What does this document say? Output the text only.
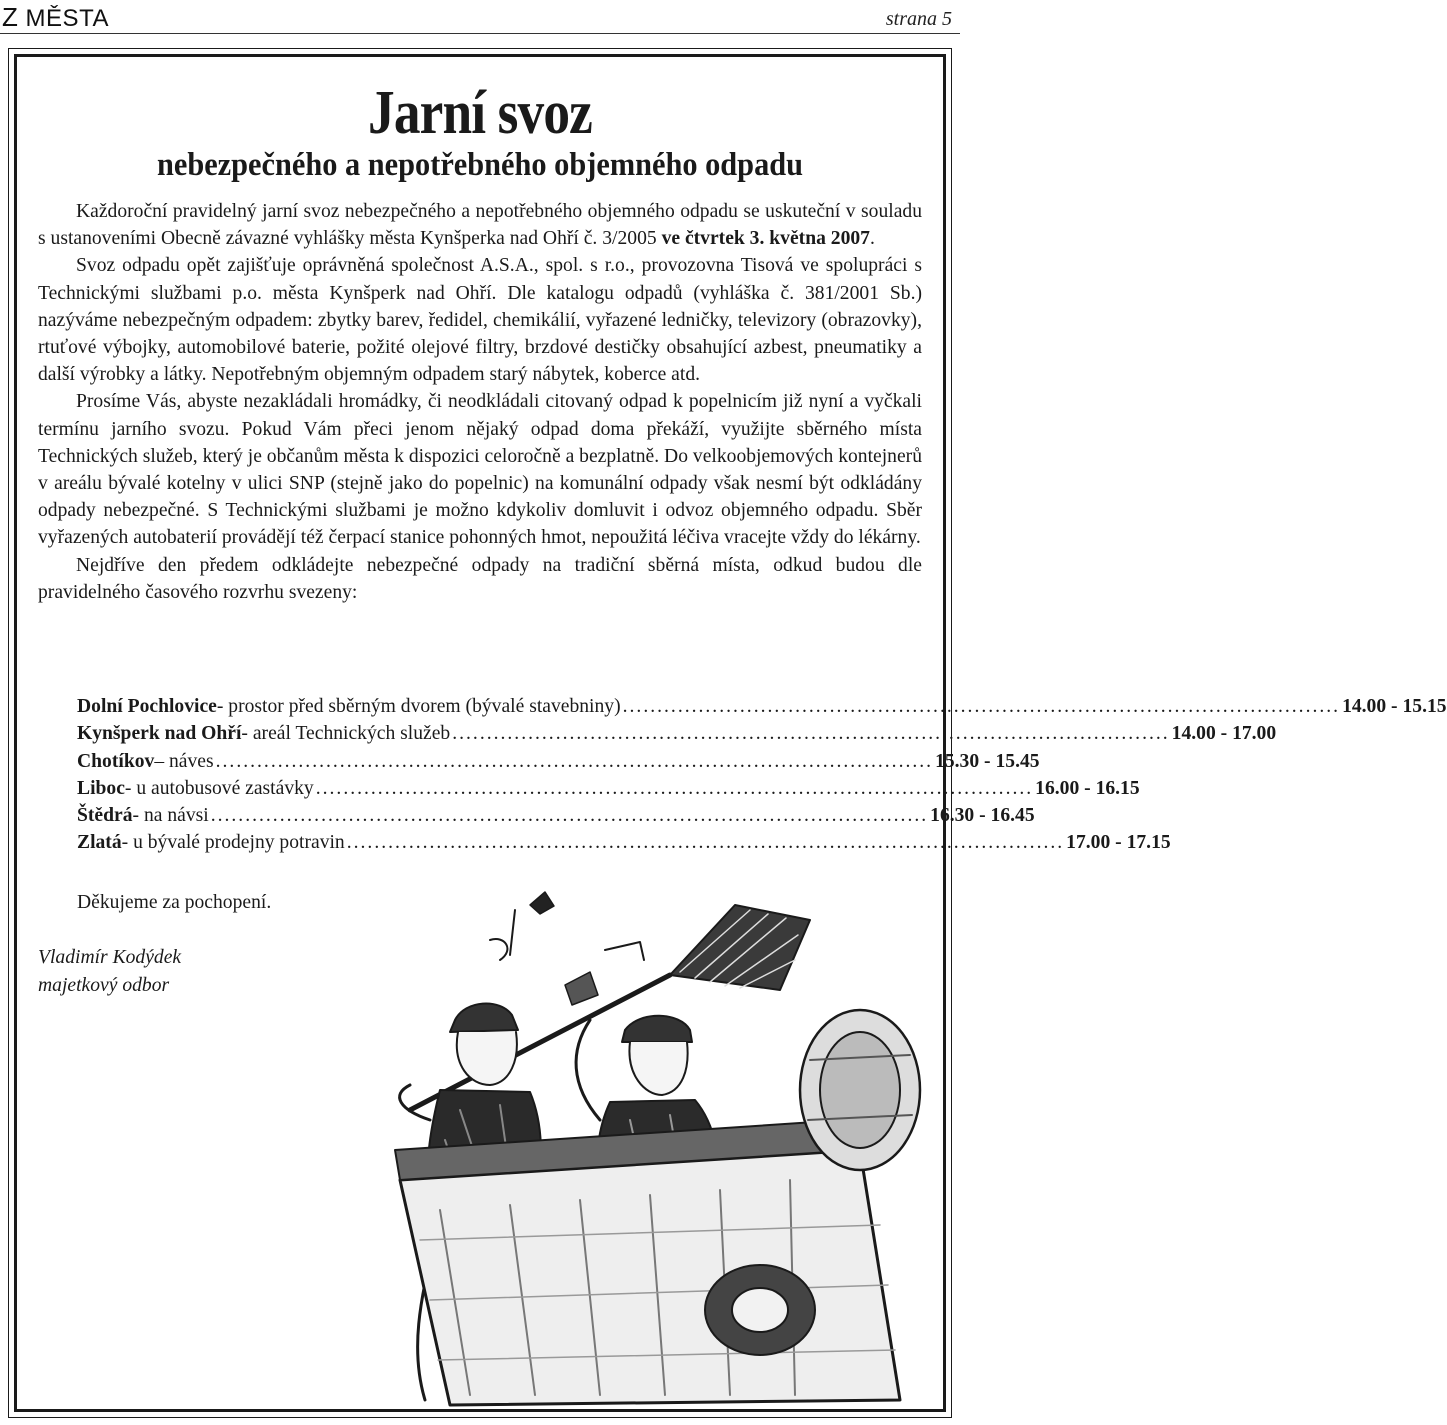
Z MĚSTA	strana 5
Jarní svoz
nebezpečného a nepotřebného objemného odpadu

Každoroční pravidelný jarní svoz nebezpečného a nepotřebného objemného odpadu se uskuteční v souladu s ustanoveními Obecně závazné vyhlášky města Kynšperka nad Ohří č. 3/2005 ve čtvrtek 3. května 2007.

Svoz odpadu opět zajišťuje oprávněná společnost A.S.A., spol. s r.o., provozovna Tisová ve spolupráci s Technickými službami p.o. města Kynšperk nad Ohří. Dle katalogu odpadů (vyhláška č. 381/2001 Sb.) nazýváme nebezpečným odpadem: zbytky barev, ředidel, chemikálií, vyřazené ledničky, televizory (obrazovky), rtuťové výbojky, automobilové baterie, požité olejové filtry, brzdové destičky obsahující azbest, pneumatiky a další výrobky a látky. Nepotřebným objemným odpadem starý nábytek, koberce atd.

Prosíme Vás, abyste nezakládali hromádky, či neodkládali citovaný odpad k popelnicím již nyní a vyčkali termínu jarního svozu. Pokud Vám přeci jenom nějaký odpad doma překáží, využijte sběrného místa Technických služeb, který je občanům města k dispozici celoročně a bezplatně. Do velkoobjemových kontejnerů v areálu bývalé kotelny v ulici SNP (stejně jako do popelnic) na komunální odpady však nesmí být odkládány odpady nebezpečné. S Technickými službami je možno kdykoliv domluvit i odvoz objemného odpadu. Sběr vyřazených autobaterií provádějí též čerpací stanice pohonných hmot, nepoužitá léčiva vracejte vždy do lékárny.

Nejdříve den předem odkládejte nebezpečné odpady na tradiční sběrná místa, odkud budou dle pravidelného časového rozvrhu svezeny:

Dolní Pochlovice - prostor před sběrným dvorem (bývalé stavebniny) ........................................................................................................ 14.00 - 15.15
Kynšperk nad Ohří - areál Technických služeb ........................................................................................................ 14.00 - 17.00
Chotíkov – náves ........................................................................................................ 15.30 - 15.45
Liboc - u autobusové zastávky ........................................................................................................ 16.00 - 16.15
Štědrá - na návsi ........................................................................................................ 16.30 - 16.45
Zlatá - u bývalé prodejny potravin ........................................................................................................ 17.00 - 17.15
Děkujeme za pochopení.
Vladimír Kodýdek
majetkový odbor
